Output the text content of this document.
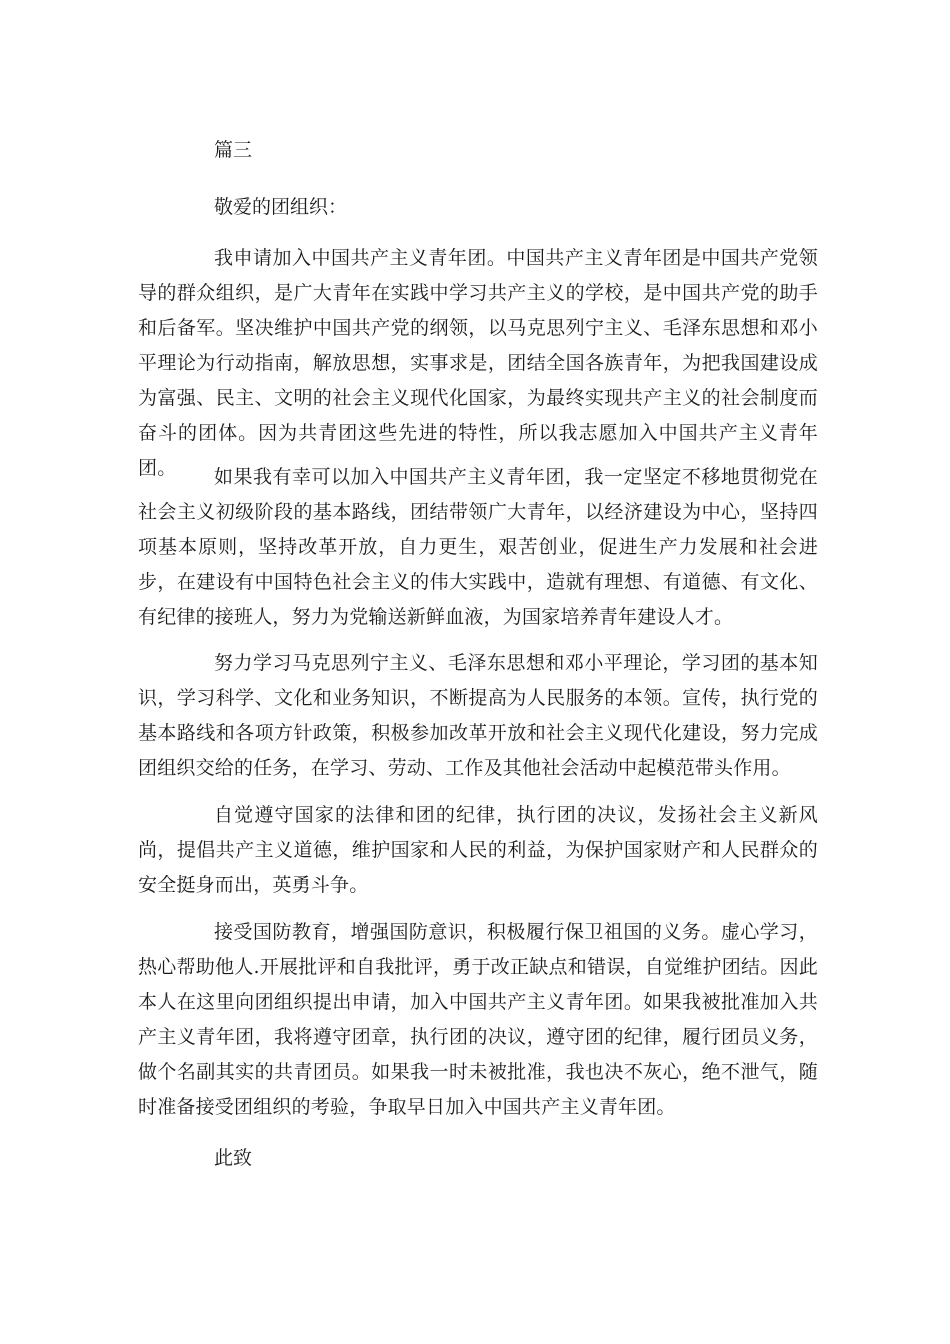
篇三
敬爱的团组织：
我申请加入中国共产主义青年团。中国共产主义青年团是中国共产党领导的群众组织，是广大青年在实践中学习共产主义的学校，是中国共产党的助手和后备军。坚决维护中国共产党的纲领，以马克思列宁主义、毛泽东思想和邓小平理论为行动指南，解放思想，实事求是，团结全国各族青年，为把我国建设成为富强、民主、文明的社会主义现代化国家，为最终实现共产主义的社会制度而奋斗的团体。因为共青团这些先进的特性，所以我志愿加入中国共产主义青年团。	如果我有幸可以加入中国共产主义青年团，我一定坚定不移地贯彻党在社会主义初级阶段的基本路线，团结带领广大青年，以经济建设为中心，坚持四项基本原则，坚持改革开放，自力更生，艰苦创业，促进生产力发展和社会进步，在建设有中国特色社会主义的伟大实践中，造就有理想、有道德、有文化、有纪律的接班人，努力为党输送新鲜血液，为国家培养青年建设人才。
努力学习马克思列宁主义、毛泽东思想和邓小平理论，学习团的基本知识，学习科学、文化和业务知识，不断提高为人民服务的本领。宣传，执行党的基本路线和各项方针政策，积极参加改革开放和社会主义现代化建设，努力完成团组织交给的任务，在学习、劳动、工作及其他社会活动中起模范带头作用。
自觉遵守国家的法律和团的纪律，执行团的决议，发扬社会主义新风尚，提倡共产主义道德，维护国家和人民的利益，为保护国家财产和人民群众的安全挺身而出，英勇斗争。
接受国防教育，增强国防意识，积极履行保卫祖国的义务。虚心学习，热心帮助他人.开展批评和自我批评，勇于改正缺点和错误，自觉维护团结。因此本人在这里向团组织提出申请，加入中国共产主义青年团。如果我被批准加入共产主义青年团，我将遵守团章，执行团的决议，遵守团的纪律，履行团员义务，做个名副其实的共青团员。如果我一时未被批准，我也决不灰心，绝不泄气，随时准备接受团组织的考验，争取早日加入中国共产主义青年团。
此致
